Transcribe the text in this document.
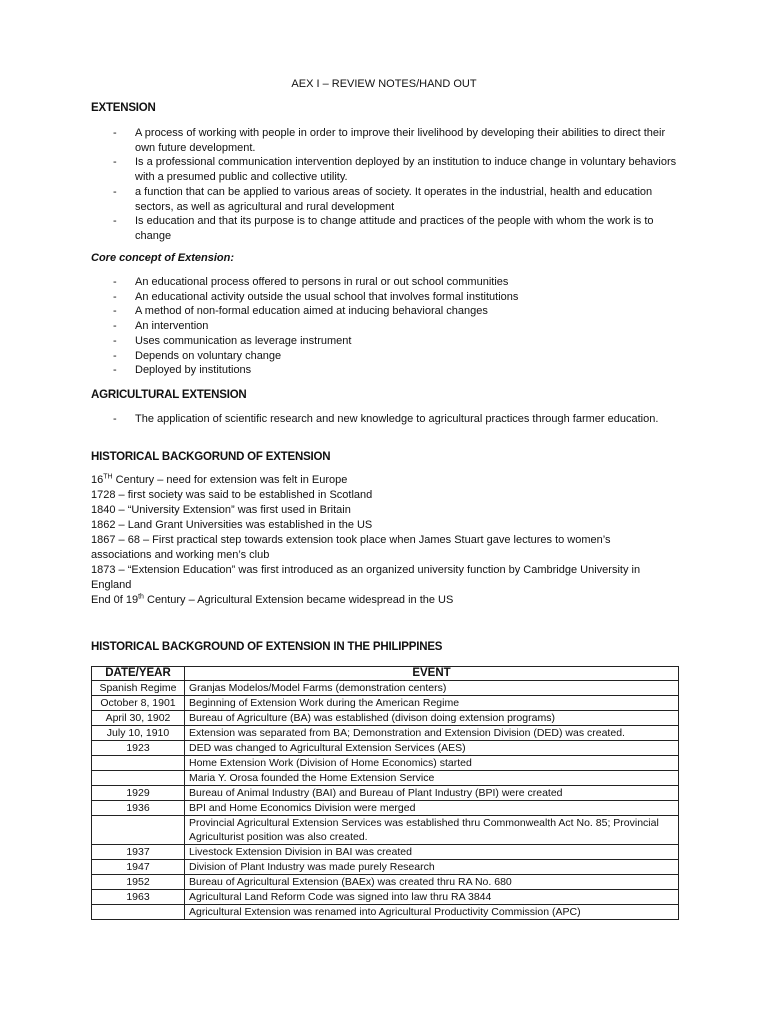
AEX I – REVIEW NOTES/HAND OUT
EXTENSION
- A process of working with people in order to improve their livelihood by developing their abilities to direct their own future development.
- Is a professional communication intervention deployed by an institution to induce change in voluntary behaviors with a presumed public and collective utility.
- a function that can be applied to various areas of society. It operates in the industrial, health and education sectors, as well as agricultural and rural development
- Is education and that its purpose is to change attitude and practices of the people with whom the work is to change
Core concept of Extension:
- An educational process offered to persons in rural or out school communities
- An educational activity outside the usual school that involves formal institutions
- A method of non-formal education aimed at inducing behavioral changes
- An intervention
- Uses communication as leverage instrument
- Depends on voluntary change
- Deployed by institutions
AGRICULTURAL EXTENSION
- The application of scientific research and new knowledge to agricultural practices through farmer education.
HISTORICAL BACKGORUND OF EXTENSION

16TH Century – need for extension was felt in Europe

1728 – first society was said to be established in Scotland

1840 – “University Extension” was first used in Britain

1862 – Land Grant Universities was established in the US

1867 – 68 – First practical step towards extension took place when James Stuart gave lectures to women’s associations and working men’s club

1873 – “Extension Education” was first introduced as an organized university function by Cambridge University in England

End 0f 19th Century – Agricultural Extension became widespread in the US

HISTORICAL BACKGROUND OF EXTENSION IN THE PHILIPPINES
DATE/YEAR	EVENT
Spanish Regime	Granjas Modelos/Model Farms (demonstration centers)
October 8, 1901	Beginning of Extension Work during the American Regime
April 30, 1902	Bureau of Agriculture (BA) was established (divison doing extension programs)
July 10, 1910	Extension was separated from BA; Demonstration and Extension Division (DED) was created.
1923	DED was changed to Agricultural Extension Services (AES)
	Home Extension Work (Division of Home Economics) started
	Maria Y. Orosa founded the Home Extension Service
1929	Bureau of Animal Industry (BAI) and Bureau of Plant Industry (BPI) were created
1936	BPI and Home Economics Division were merged
	Provincial Agricultural Extension Services was established thru Commonwealth Act No. 85; Provincial Agriculturist position was also created.
1937	Livestock Extension Division in BAI was created
1947	Division of Plant Industry was made purely Research
1952	Bureau of Agricultural Extension (BAEx) was created thru RA No. 680
1963	Agricultural Land Reform Code was signed into law thru RA 3844
	Agricultural Extension was renamed into Agricultural Productivity Commission (APC)
